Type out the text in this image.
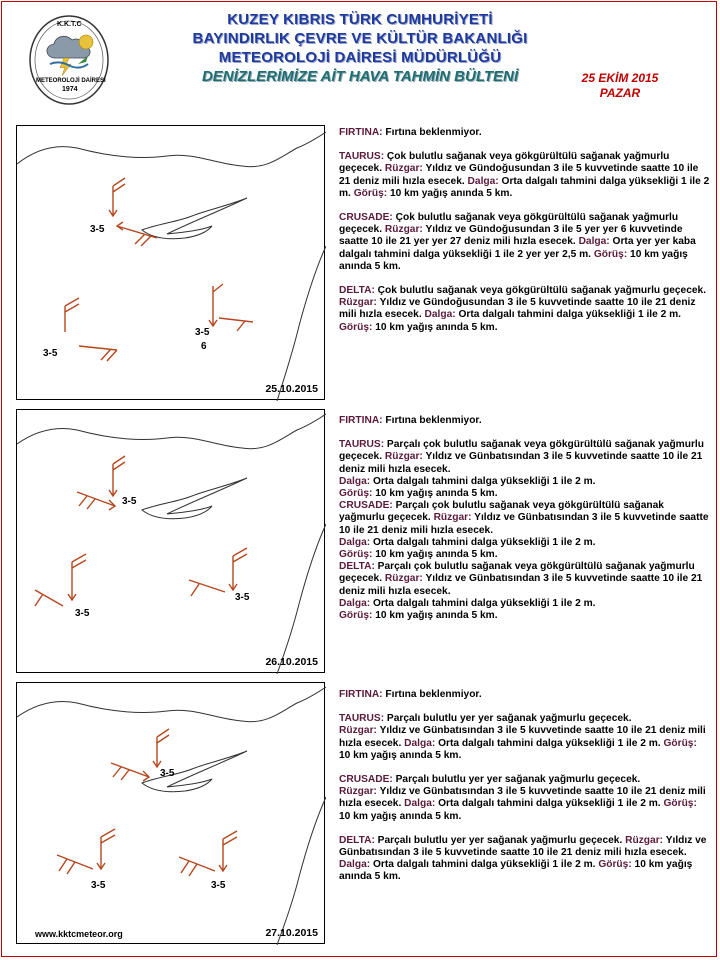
K.K.T.C
METEOROLOJİ DAİRESİ
1974
KUZEY KIBRIS TÜRK CUMHURİYETİ
BAYINDIRLIK ÇEVRE VE KÜLTÜR BAKANLIĞI
METEOROLOJİ DAİRESİ MÜDÜRLÜĞÜ
DENİZLERİMİZE AİT HAVA TAHMİN BÜLTENİ	25 EKİM 2015
PAZAR
3-5
3-5
6
3-5
25.10.2015

FIRTINA: Fırtına beklenmiyor.

TAURUS: Çok bulutlu sağanak veya gökgürültülü sağanak yağmurlu geçecek. Rüzgar: Yıldız ve Gündoğusundan 3 ile 5 kuvvetinde saatte 10 ile 21 deniz mili hızla esecek. Dalga: Orta dalgalı tahmini dalga yüksekliği 1 ile 2 m. Görüş: 10 km yağış anında 5 km.

CRUSADE: Çok bulutlu sağanak veya gökgürültülü sağanak yağmurlu geçecek. Rüzgar: Yıldız ve Gündoğusundan 3 ile 5 yer yer 6 kuvvetinde saatte 10 ile 21 yer yer 27 deniz mili hızla esecek. Dalga: Orta yer yer kaba dalgalı tahmini dalga yüksekliği 1 ile 2 yer yer 2,5 m. Görüş: 10 km yağış anında 5 km.

DELTA: Çok bulutlu sağanak veya gökgürültülü sağanak yağmurlu geçecek. Rüzgar: Yıldız ve Gündoğusundan 3 ile 5 kuvvetinde saatte 10 ile 21 deniz mili hızla esecek. Dalga: Orta dalgalı tahmini dalga yüksekliği 1 ile 2 m. Görüş: 10 km yağış anında 5 km.

3-5
3-5
3-5
26.10.2015

FIRTINA: Fırtına beklenmiyor.

TAURUS: Parçalı çok bulutlu sağanak veya gökgürültülü sağanak yağmurlu geçecek. Rüzgar: Yıldız ve Günbatısından 3 ile 5 kuvvetinde saatte 10 ile 21 deniz mili hızla esecek.
Dalga: Orta dalgalı tahmini dalga yüksekliği 1 ile 2 m.
Görüş: 10 km yağış anında 5 km.

CRUSADE: Parçalı çok bulutlu sağanak veya gökgürültülü sağanak yağmurlu geçecek. Rüzgar: Yıldız ve Günbatısından 3 ile 5 kuvvetinde saatte 10 ile 21 deniz mili hızla esecek.
Dalga: Orta dalgalı tahmini dalga yüksekliği 1 ile 2 m.
Görüş: 10 km yağış anında 5 km.

DELTA: Parçalı çok bulutlu sağanak veya gökgürültülü sağanak yağmurlu geçecek. Rüzgar: Yıldız ve Günbatısından 3 ile 5 kuvvetinde saatte 10 ile 21 deniz mili hızla esecek.
Dalga: Orta dalgalı tahmini dalga yüksekliği 1 ile 2 m.
Görüş: 10 km yağış anında 5 km.

3-5
3-5	3-5
www.kktcmeteor.org	27.10.2015

FIRTINA: Fırtına beklenmiyor.

TAURUS: Parçalı bulutlu yer yer sağanak yağmurlu geçecek.
Rüzgar: Yıldız ve Günbatısından 3 ile 5 kuvvetinde saatte 10 ile 21 deniz mili hızla esecek. Dalga: Orta dalgalı tahmini dalga yüksekliği 1 ile 2 m. Görüş: 10 km yağış anında 5 km.

CRUSADE: Parçalı bulutlu yer yer sağanak yağmurlu geçecek.
Rüzgar: Yıldız ve Günbatısından 3 ile 5 kuvvetinde saatte 10 ile 21 deniz mili hızla esecek. Dalga: Orta dalgalı tahmini dalga yüksekliği 1 ile 2 m. Görüş: 10 km yağış anında 5 km.

DELTA: Parçalı bulutlu yer yer sağanak yağmurlu geçecek. Rüzgar: Yıldız ve Günbatısından 3 ile 5 kuvvetinde saatte 10 ile 21 deniz mili hızla esecek. Dalga: Orta dalgalı tahmini dalga yüksekliği 1 ile 2 m. Görüş: 10 km yağış anında 5 km.
